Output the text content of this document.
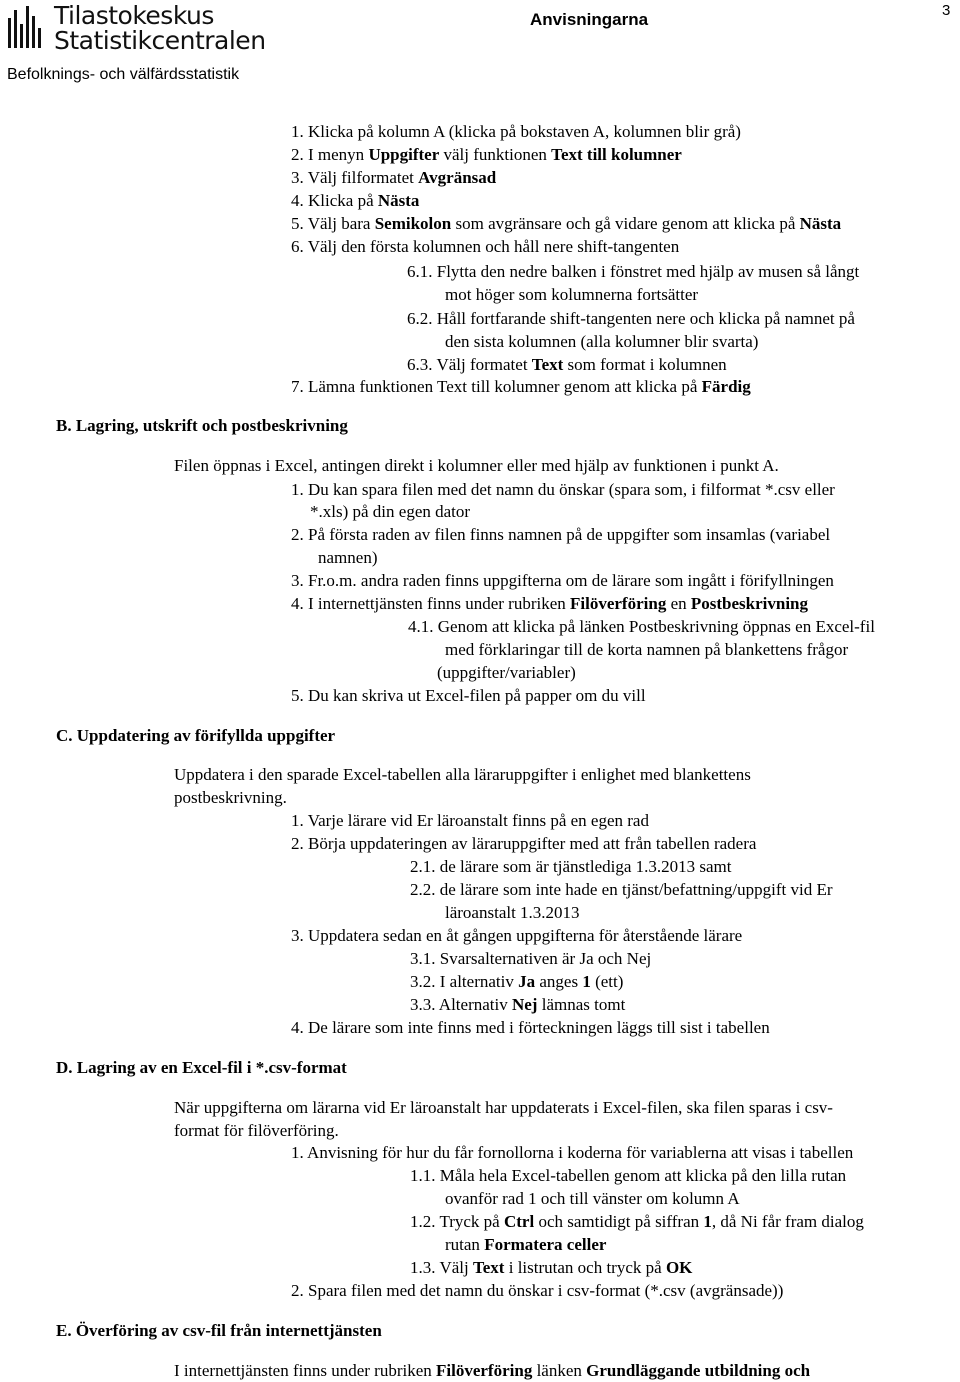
Tilastokeskus
Statistikcentralen
Anvisningarna	3
Befolknings- och välfärdsstatistik
1. Klicka på kolumn A (klicka på bokstaven A, kolumnen blir grå)
2. I menyn Uppgifter välj funktionen Text till kolumner
3. Välj filformatet Avgränsad
4. Klicka på Nästa
5. Välj bara Semikolon som avgränsare och gå vidare genom att klicka på Nästa
6. Välj den första kolumnen och håll nere shift-tangenten
6.1. Flytta den nedre balken i fönstret med hjälp av musen så långt
mot höger som kolumnerna fortsätter
6.2. Håll fortfarande shift-tangenten nere och klicka på namnet på
den sista kolumnen (alla kolumner blir svarta)
6.3. Välj formatet Text som format i kolumnen
7. Lämna funktionen Text till kolumner genom att klicka på Färdig
B. Lagring, utskrift och postbeskrivning
Filen öppnas i Excel, antingen direkt i kolumner eller med hjälp av funktionen i punkt A.
1. Du kan spara filen med det namn du önskar (spara som, i filformat *.csv eller
*.xls) på din egen dator
2. På första raden av filen finns namnen på de uppgifter som insamlas (variabel
namnen)
3. Fr.o.m. andra raden finns uppgifterna om de lärare som ingått i förifyllningen
4. I internettjänsten finns under rubriken Filöverföring en Postbeskrivning
4.1. Genom att klicka på länken Postbeskrivning öppnas en Excel-fil
med förklaringar till de korta namnen på blankettens frågor
(uppgifter/variabler)
5. Du kan skriva ut Excel-filen på papper om du vill
C. Uppdatering av förifyllda uppgifter
Uppdatera i den sparade Excel-tabellen alla läraruppgifter i enlighet med blankettens
postbeskrivning.
1. Varje lärare vid Er läroanstalt finns på en egen rad
2. Börja uppdateringen av läraruppgifter med att från tabellen radera
2.1. de lärare som är tjänstlediga 1.3.2013 samt
2.2. de lärare som inte hade en tjänst/befattning/uppgift vid Er
läroanstalt 1.3.2013
3. Uppdatera sedan en åt gången uppgifterna för återstående lärare
3.1. Svarsalternativen är Ja och Nej
3.2. I alternativ Ja anges 1 (ett)
3.3. Alternativ Nej lämnas tomt
4. De lärare som inte finns med i förteckningen läggs till sist i tabellen
D. Lagring av en Excel-fil i *.csv-format
När uppgifterna om lärarna vid Er läroanstalt har uppdaterats i Excel-filen, ska filen sparas i csv-
format för filöverföring.
1. Anvisning för hur du får fornollorna i koderna för variablerna att visas i tabellen
1.1. Måla hela Excel-tabellen genom att klicka på den lilla rutan
ovanför rad 1 och till vänster om kolumn A
1.2. Tryck på Ctrl och samtidigt på siffran 1, då Ni får fram dialog
rutan Formatera celler
1.3. Välj Text i listrutan och tryck på OK
2. Spara filen med det namn du önskar i csv-format (*.csv (avgränsade))
E. Överföring av csv-fil från internettjänsten
I internettjänsten finns under rubriken Filöverföring länken Grundläggande utbildning och
